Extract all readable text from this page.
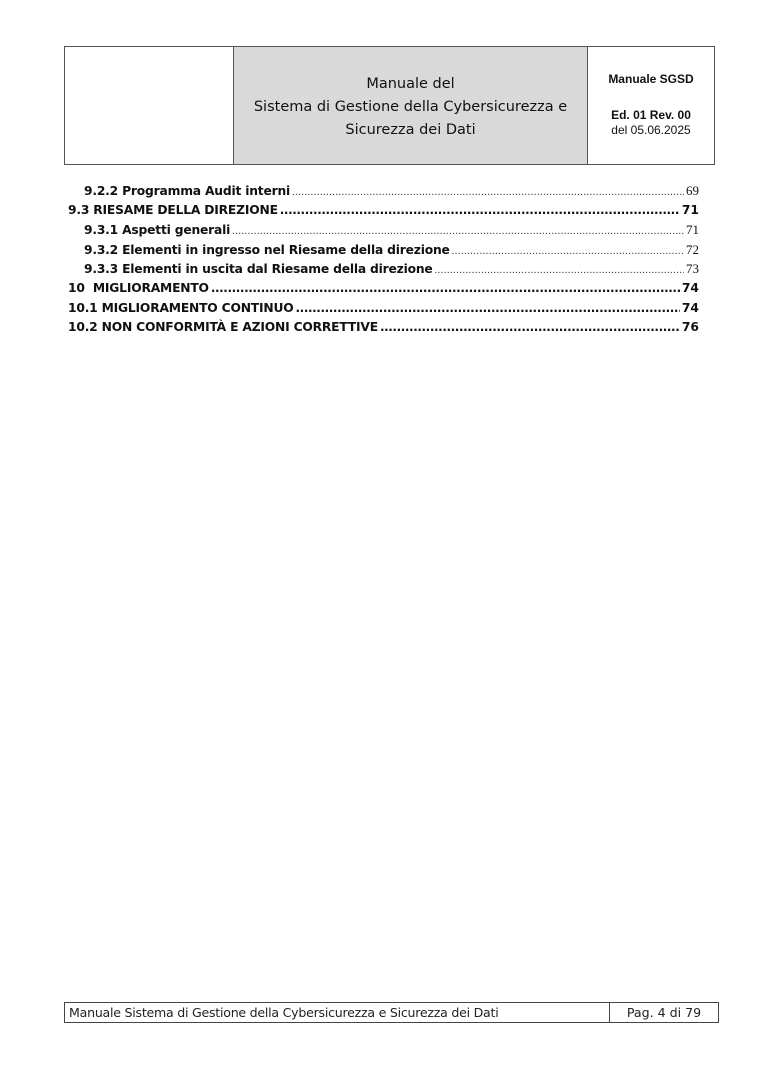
Manuale del
Sistema di Gestione della Cybersicurezza e
Sicurezza dei Dati
Manuale SGSD
Ed. 01 Rev. 00
del 05.06.2025
9.2.2 Programma Audit interni .....	69
9.3 RIESAME DELLA DIREZIONE .....	71
9.3.1 Aspetti generali .....	71
9.3.2 Elementi in ingresso nel Riesame della direzione .....	72
9.3.3 Elementi in uscita dal Riesame della direzione .....	73
10  MIGLIORAMENTO .....	74
10.1 MIGLIORAMENTO CONTINUO .....	74
10.2 NON CONFORMITÀ E AZIONI CORRETTIVE .....	76
Manuale Sistema di Gestione della Cybersicurezza e Sicurezza dei Dati	Pag. 4 di 79
